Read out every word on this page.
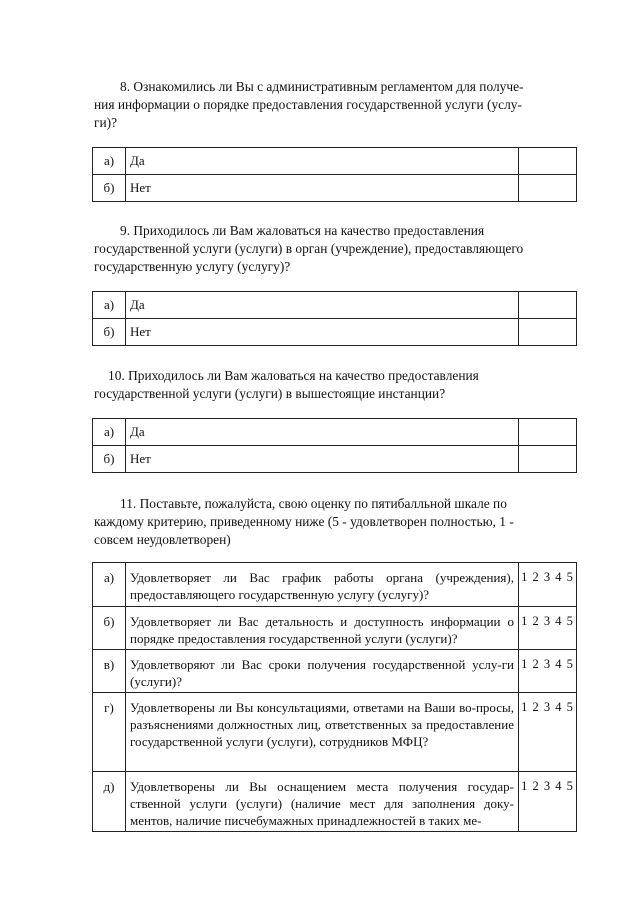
8. Ознакомились ли Вы с административным регламентом для получе-
ния информации о порядке предоставления государственной услуги (услу-
ги)?
а)	Да	
б)	Нет	
9. Приходилось ли Вам жаловаться на качество предоставления
государственной услуги (услуги) в орган (учреждение), предоставляющего
государственную услугу (услугу)?
а)	Да	
б)	Нет	
10. Приходилось ли Вам жаловаться на качество предоставления
государственной услуги (услуги) в вышестоящие инстанции?
а)	Да	
б)	Нет	
11. Поставьте, пожалуйста, свою оценку по пятибалльной шкале по
каждому критерию, приведенному ниже (5 - удовлетворен полностью, 1 -
совсем неудовлетворен)
а)	Удовлетворяет ли Вас график работы органа (учреждения), предоставляющего государственную услугу (услугу)?	1 2 3 4 5
б)	Удовлетворяет ли Вас детальность и доступность информации о порядке предоставления государственной услуги (услуги)?	1 2 3 4 5
в)	Удовлетворяют ли Вас сроки получения государственной услу-ги (услуги)?	1 2 3 4 5
г)	Удовлетворены ли Вы консультациями, ответами на Ваши во-просы, разъяснениями должностных лиц, ответственных за предоставление государственной услуги (услуги), сотрудников МФЦ?	1 2 3 4 5
д)	Удовлетворены ли Вы оснащением места получения государ-ственной услуги (услуги) (наличие мест для заполнения доку-ментов, наличие писчебумажных принадлежностей в таких ме-	1 2 3 4 5
